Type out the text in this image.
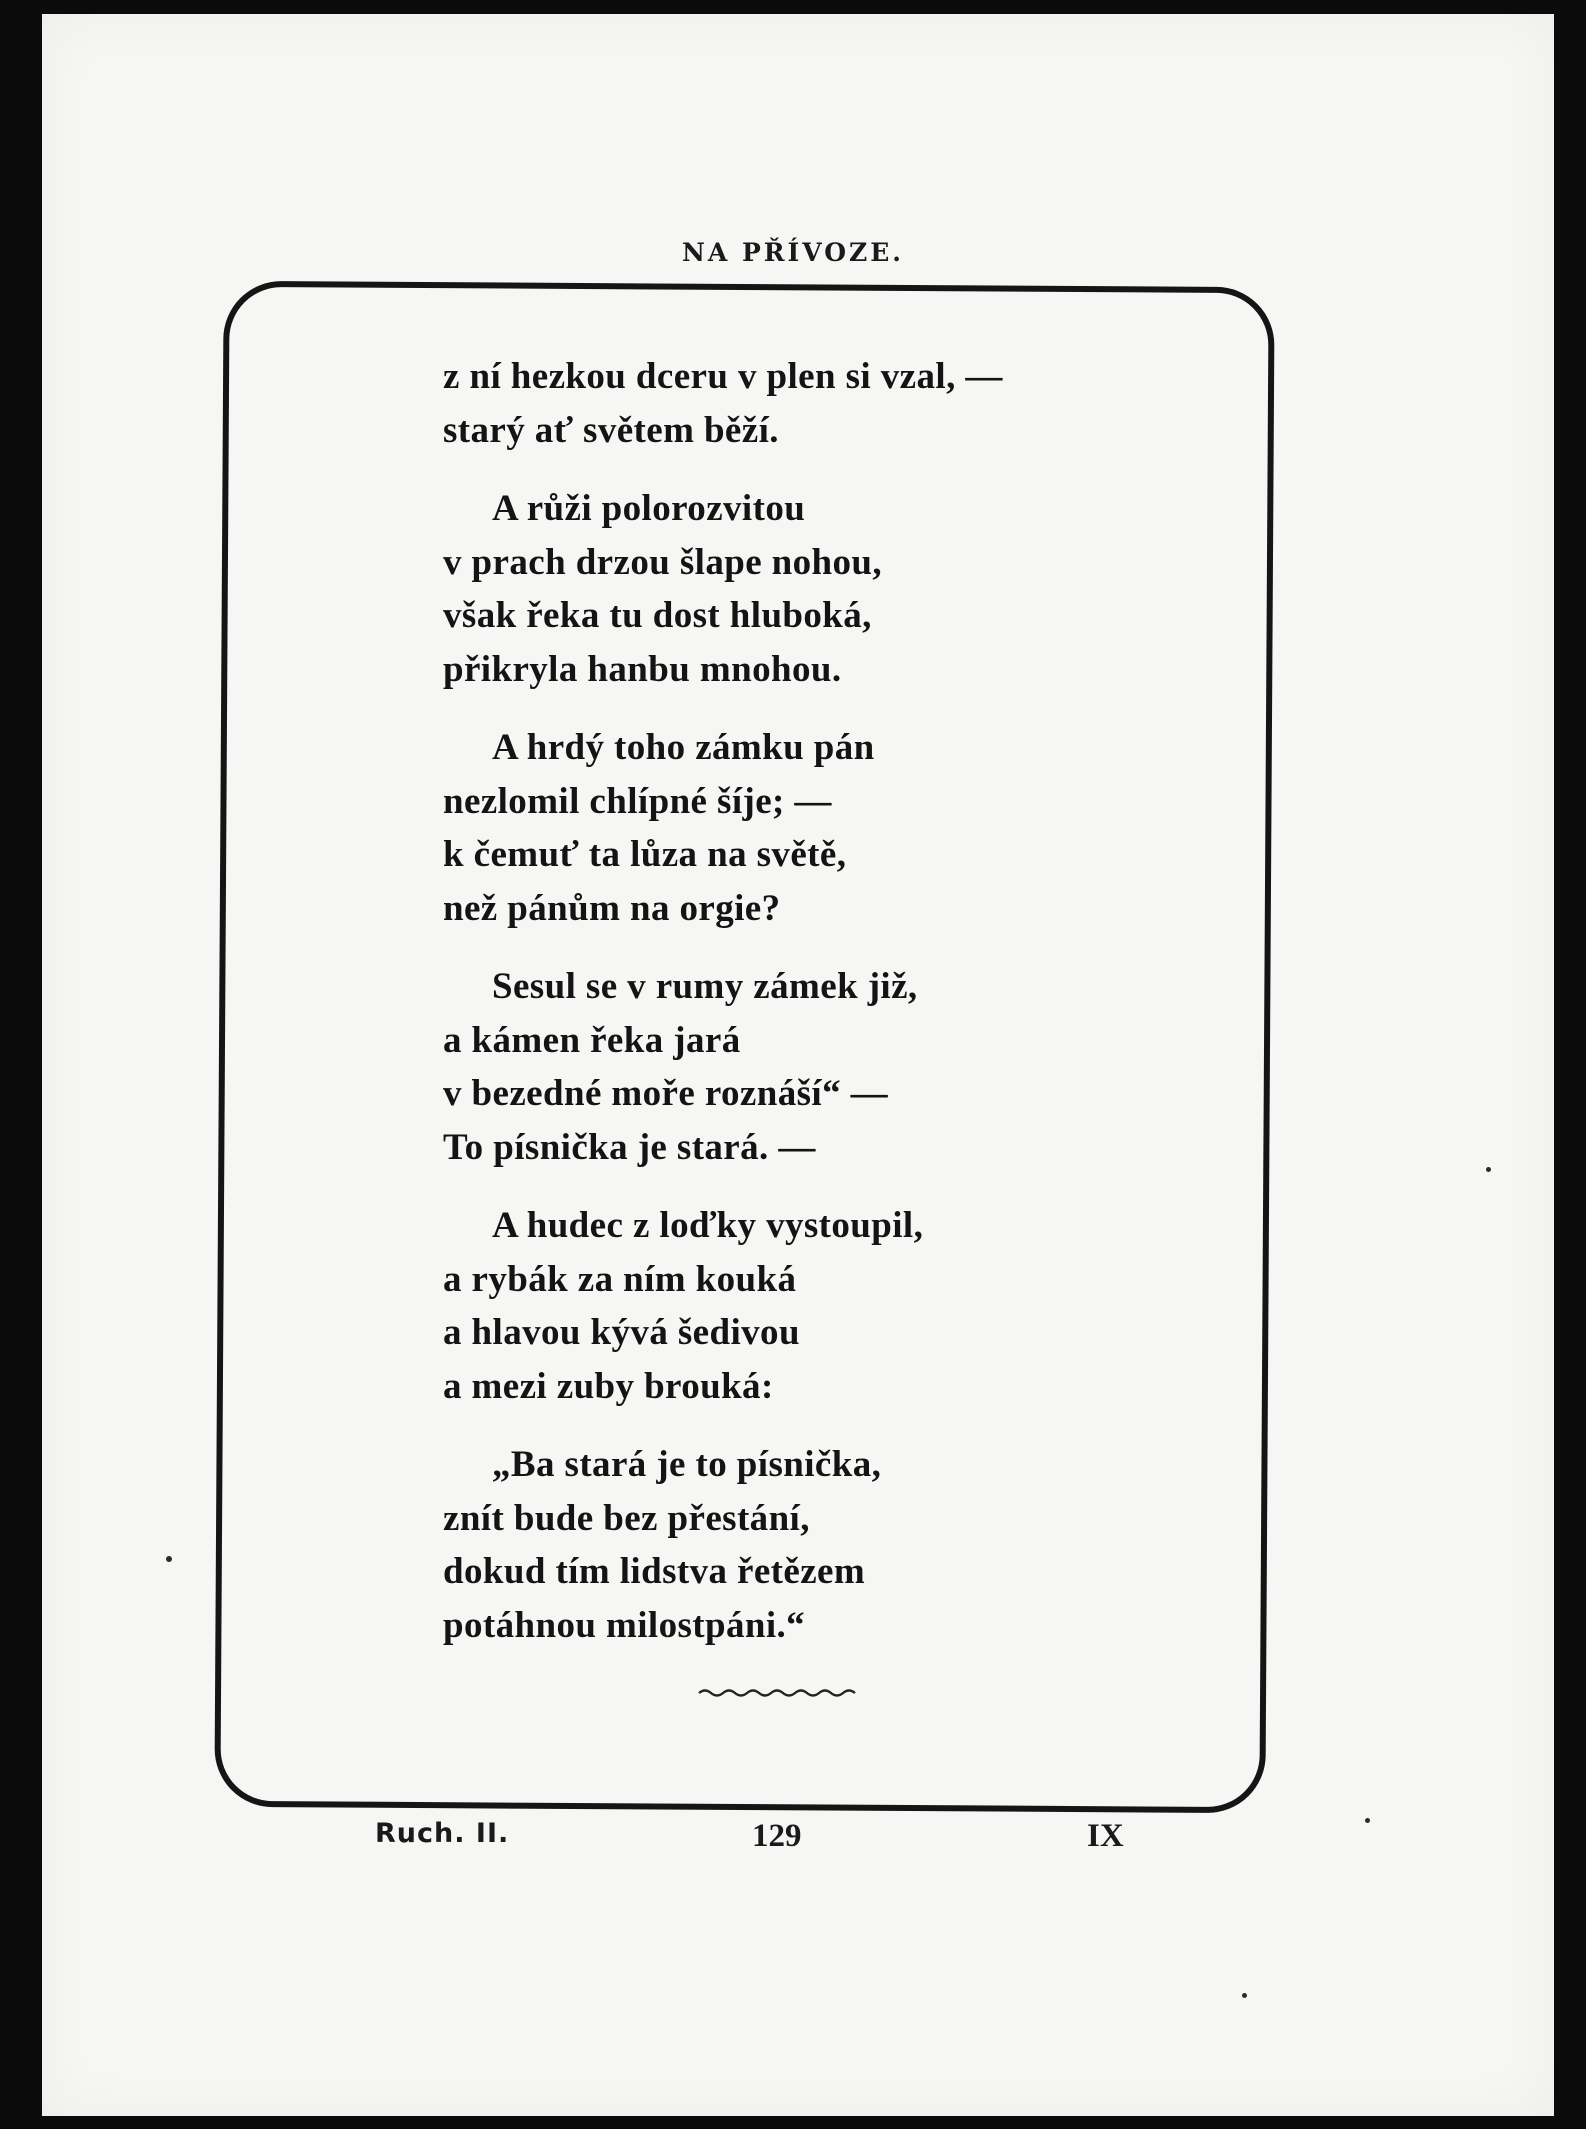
NA PŘÍVOZE.
z ní hezkou dceru v plen si vzal, —
starý ať světem běží.
A růži polorozvitou
v prach drzou šlape nohou,
však řeka tu dost hluboká,
přikryla hanbu mnohou.
A hrdý toho zámku pán
nezlomil chlípné šíje; —
k čemuť ta lůza na světě,
než pánům na orgie?
Sesul se v rumy zámek již,
a kámen řeka jará
v bezedné moře roznáší“ —
To písnička je stará. —
A hudec z loďky vystoupil,
a rybák za ním kouká
a hlavou kývá šedivou
a mezi zuby brouká:
„Ba stará je to písnička,
znít bude bez přestání,
dokud tím lidstva řetězem
potáhnou milostpáni.“
Ruch. II.	129	IX
